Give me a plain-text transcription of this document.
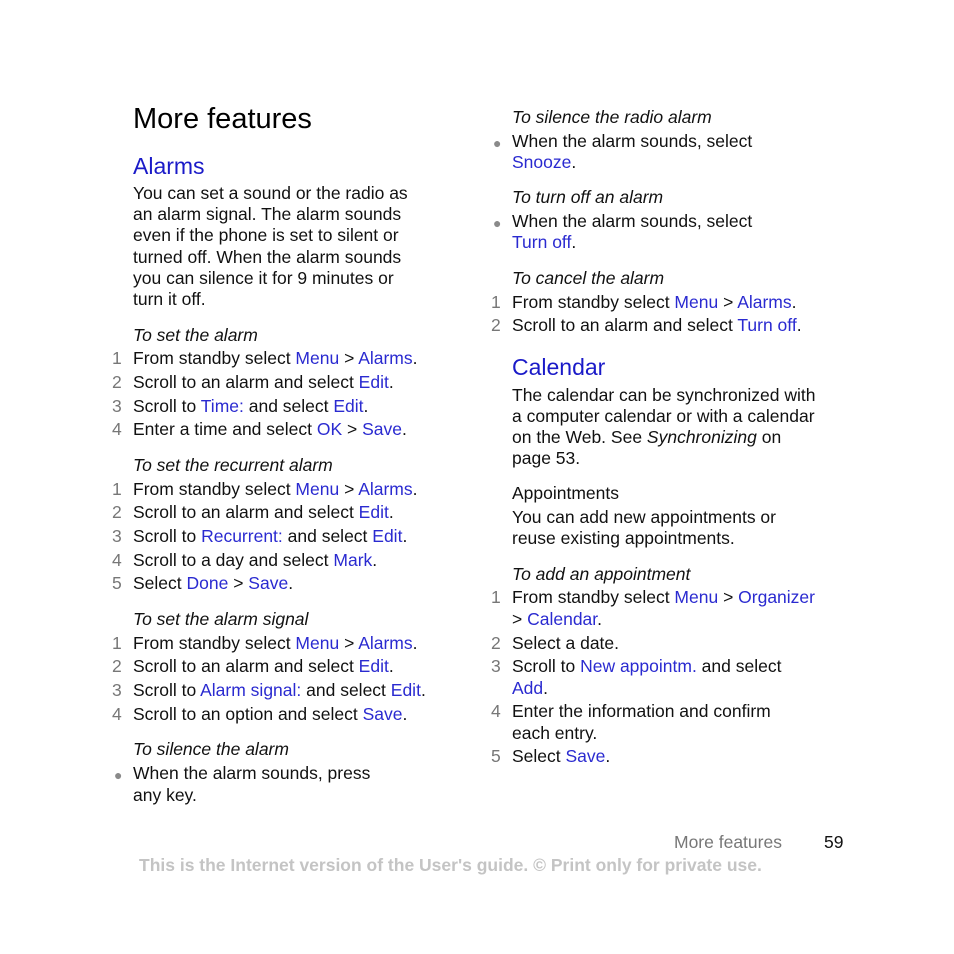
More features
Alarms
You can set a sound or the radio as
an alarm signal. The alarm sounds
even if the phone is set to silent or
turned off. When the alarm sounds
you can silence it for 9 minutes or
turn it off.
To set the alarm
1 From standby select Menu > Alarms.
2 Scroll to an alarm and select Edit.
3 Scroll to Time: and select Edit.
4 Enter a time and select OK > Save.
To set the recurrent alarm
1 From standby select Menu > Alarms.
2 Scroll to an alarm and select Edit.
3 Scroll to Recurrent: and select Edit.
4 Scroll to a day and select Mark.
5 Select Done > Save.
To set the alarm signal
1 From standby select Menu > Alarms.
2 Scroll to an alarm and select Edit.
3 Scroll to Alarm signal: and select Edit.
4 Scroll to an option and select Save.
To silence the alarm
● When the alarm sounds, press
any key.
To silence the radio alarm
● When the alarm sounds, select
Snooze.
To turn off an alarm
● When the alarm sounds, select
Turn off.
To cancel the alarm
1 From standby select Menu > Alarms.
2 Scroll to an alarm and select Turn off.
Calendar
The calendar can be synchronized with
a computer calendar or with a calendar
on the Web. See Synchronizing on
page 53.
Appointments
You can add new appointments or
reuse existing appointments.
To add an appointment
1 From standby select Menu > Organizer
> Calendar.
2 Select a date.
3 Scroll to New appointm. and select
Add.
4 Enter the information and confirm
each entry.
5 Select Save.
More features 59
This is the Internet version of the User's guide. © Print only for private use.
